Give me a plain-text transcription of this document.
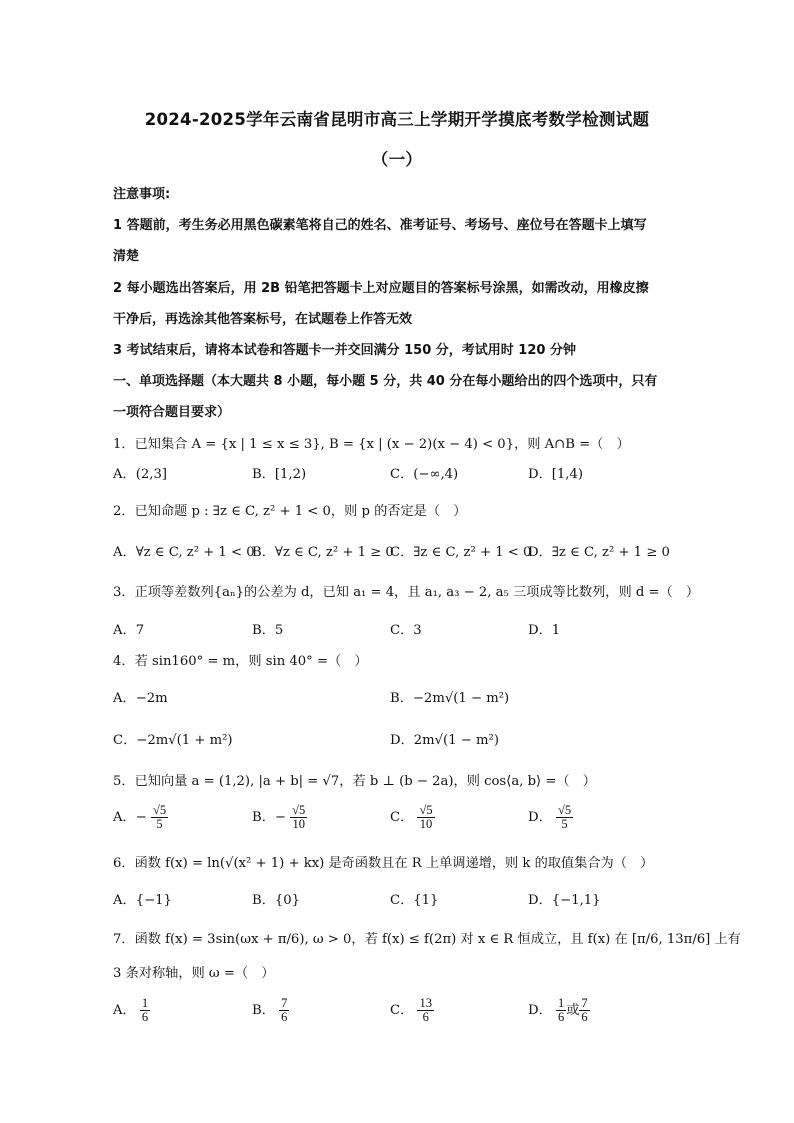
2024-2025学年云南省昆明市高三上学期开学摸底考数学检测试题
（一）
注意事项:
1 答题前，考生务必用黑色碳素笔将自己的姓名、准考证号、考场号、座位号在答题卡上填写
清楚
2 每小题选出答案后，用 2B 铅笔把答题卡上对应题目的答案标号涂黑，如需改动，用橡皮擦
干净后，再选涂其他答案标号，在试题卷上作答无效
3 考试结束后，请将本试卷和答题卡一并交回满分 150 分，考试用时 120 分钟
一、单项选择题（本大题共 8 小题，每小题 5 分，共 40 分在每小题给出的四个选项中，只有
一项符合题目要求）
1．已知集合 A = {x | 1 ≤ x ≤ 3}, B = {x | (x − 2)(x − 4) < 0}，则 A∩B =（　）
A．(2,3]	B．[1,2)	C．(−∞,4)	D．[1,4)
2．已知命题 p : ∃z ∈ C, z² + 1 < 0，则 p 的否定是（　）
A．∀z ∈ C, z² + 1 < 0
B．∀z ∈ C, z² + 1 ≥ 0
C．∃z ∈ C, z² + 1 < 0
D．∃z ∈ C, z² + 1 ≥ 0
3．正项等差数列{aₙ}的公差为 d，已知 a₁ = 4，且 a₁, a₃ − 2, a₅ 三项成等比数列，则 d =（　）
A．7	B．5	C．3	D．1
4．若 sin160° = m，则 sin 40° =（　）
A．−2m	B．−2m√(1 − m²)
C．−2m√(1 + m²)	D．2m√(1 − m²)
5．已知向量 a = (1,2), |a + b| = √7，若 b ⊥ (b − 2a)，则 cos⟨a, b⟩ =（　）
A．− $\frac{√5}{5}$	B．− $\frac{√5}{10}$	C． $\frac{√5}{10}$	D． $\frac{√5}{5}$
6．函数 f(x) = ln(√(x² + 1) + kx) 是奇函数且在 R 上单调递增，则 k 的取值集合为（　）
A．{−1}	B．{0}	C．{1}	D．{−1,1}
7．函数 f(x) = 3sin(ωx + π/6), ω > 0，若 f(x) ≤ f(2π) 对 x ∈ R 恒成立，且 f(x) 在 [π/6, 13π/6] 上有
3 条对称轴，则 ω =（　）
A． $\frac{1}{6}$	B． $\frac{7}{6}$	C． $\frac{13}{6}$	D． $\frac{1}{6}$ 或 $\frac{7}{6}$
